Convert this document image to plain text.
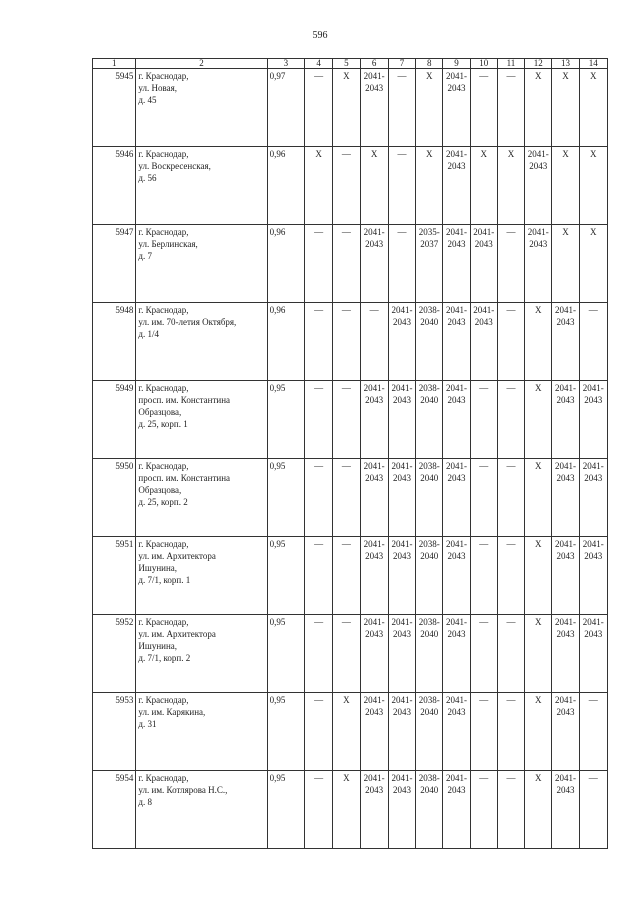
596
1	2	3	4	5	6	7	8	9	10	11	12	13	14
5945	г. Краснодар,
ул. Новая,
д. 45	0,97	—	X	2041-
2043	—	X	2041-
2043	—	—	X	X	X
5946	г. Краснодар,
ул. Воскресенская,
д. 56	0,96	X	—	X	—	X	2041-
2043	X	X	2041-
2043	X	X
5947	г. Краснодар,
ул. Берлинская,
д. 7	0,96	—	—	2041-
2043	—	2035-
2037	2041-
2043	2041-
2043	—	2041-
2043	X	X
5948	г. Краснодар,
ул. им. 70-летия Октября,
д. 1/4	0,96	—	—	—	2041-
2043	2038-
2040	2041-
2043	2041-
2043	—	X	2041-
2043	—
5949	г. Краснодар,
просп. им. Константина
Образцова,
д. 25, корп. 1	0,95	—	—	2041-
2043	2041-
2043	2038-
2040	2041-
2043	—	—	X	2041-
2043	2041-
2043
5950	г. Краснодар,
просп. им. Константина
Образцова,
д. 25, корп. 2	0,95	—	—	2041-
2043	2041-
2043	2038-
2040	2041-
2043	—	—	X	2041-
2043	2041-
2043
5951	г. Краснодар,
ул. им. Архитектора
Ишунина,
д. 7/1, корп. 1	0,95	—	—	2041-
2043	2041-
2043	2038-
2040	2041-
2043	—	—	X	2041-
2043	2041-
2043
5952	г. Краснодар,
ул. им. Архитектора
Ишунина,
д. 7/1, корп. 2	0,95	—	—	2041-
2043	2041-
2043	2038-
2040	2041-
2043	—	—	X	2041-
2043	2041-
2043
5953	г. Краснодар,
ул. им. Карякина,
д. 31	0,95	—	X	2041-
2043	2041-
2043	2038-
2040	2041-
2043	—	—	X	2041-
2043	—
5954	г. Краснодар,
ул. им. Котлярова Н.С.,
д. 8	0,95	—	X	2041-
2043	2041-
2043	2038-
2040	2041-
2043	—	—	X	2041-
2043	—
